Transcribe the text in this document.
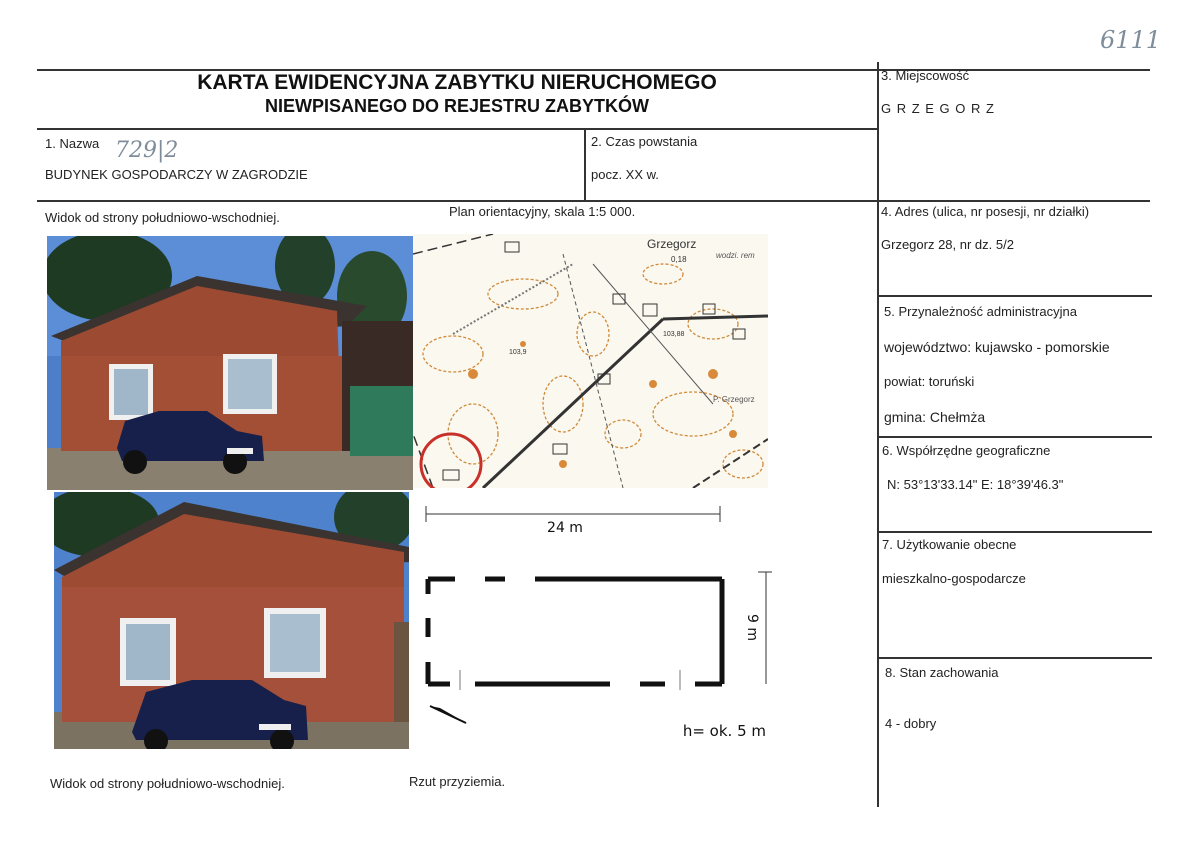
6111
KARTA EWIDENCYJNA ZABYTKU NIERUCHOMEGO
NIEWPISANEGO DO REJESTRU ZABYTKÓW
1. Nazwa 729|2
BUDYNEK GOSPODARCZY W ZAGRODZIE
2. Czas powstania
pocz. XX w.
3. Miejscowość
G R Z E G O R Z
4. Adres (ulica, nr posesji, nr działki)
Grzegorz 28, nr dz. 5/2
5. Przynależność administracyjna
województwo: kujawsko - pomorskie
powiat: toruński
gmina: Chełmża
6. Współrzędne geograficzne
N: 53°13'33.14" E: 18°39'46.3"
7. Użytkowanie obecne
mieszkalno-gospodarcze
8. Stan zachowania
4 - dobry
Widok od strony południowo-wschodniej.	Plan orientacyjny, skala 1:5 000.
Widok od strony południowo-wschodniej.	Rzut przyziemia.
Grzegorz
0,18
103,9
103,88
P. Grzegorz
wodzi. rem
24 m
9 m
h= ok. 5 m
